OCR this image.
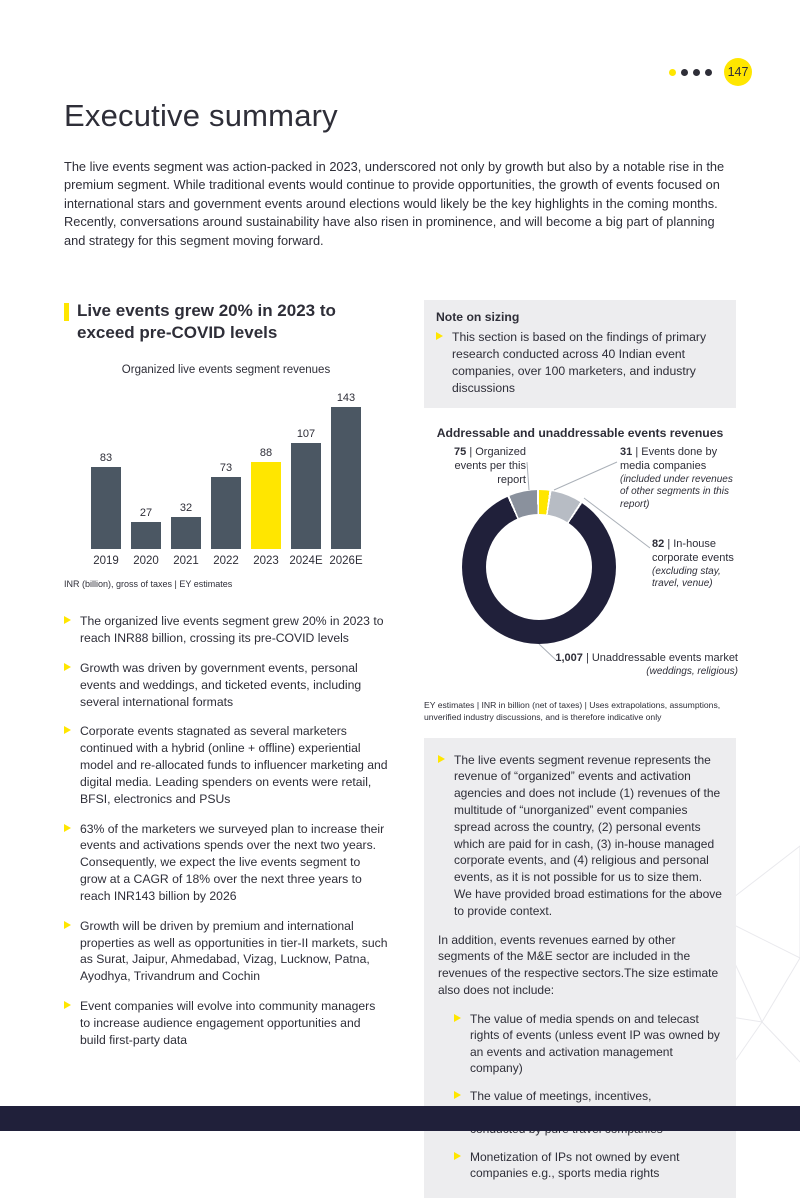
147
Executive summary

The live events segment was action-packed in 2023, underscored not only by growth but also by a notable rise in the premium segment. While traditional events would continue to provide opportunities, the growth of events focused on international stars and government events around elections would likely be the key highlights in the coming months. Recently, conversations around sustainability have also risen in prominence, and will become a big part of planning and strategy for this segment moving forward.

Live events grew 20% in 2023 to exceed pre-COVID levels
Organized live events segment revenues
83
2019
27
2020
32
2021
73
2022
88
2023
107
2024E
143
2026E
INR (billion), gross of taxes | EY estimates

The organized live events segment grew 20% in 2023 to reach INR88 billion, crossing its pre-COVID levels

Growth was driven by government events, personal events and weddings, and ticketed events, including several international formats

Corporate events stagnated as several marketers continued with a hybrid (online + offline) experiential model and re-allocated funds to influencer marketing and digital media. Leading spenders on events were retail, BFSI, electronics and PSUs

63% of the marketers we surveyed plan to increase their events and activations spends over the next two years. Consequently, we expect the live events segment to grow at a CAGR of 18% over the next three years to reach INR143 billion by 2026

Growth will be driven by premium and international properties as well as opportunities in tier-II markets, such as Surat, Jaipur, Ahmedabad, Vizag, Lucknow, Patna, Ayodhya, Trivandrum and Cochin

Event companies will evolve into community managers to increase audience engagement opportunities and build first-party data

Note on sizing

This section is based on the findings of primary research conducted across 40 Indian event companies, over 100 marketers, and industry discussions

Addressable and unaddressable events revenues
75 | Organized events per this report
31 | Events done by media companies
(included under revenues of other segments in this report)
82 | In-house corporate events
(excluding stay, travel, venue)
1,007 | Unaddressable events market
(weddings, religious)
EY estimates | INR in billion (net of taxes) | Uses extrapolations, assumptions, unverified industry discussions, and is therefore indicative only

The live events segment revenue represents the revenue of “organized” events and activation agencies and does not include (1) revenues of the multitude of “unorganized” event companies spread across the country, (2) personal events which are paid for in cash, (3) in-house managed corporate events, and (4) religious and personal events, as it is not possible for us to size them. We have provided broad estimations for the above to provide context.

In addition, events revenues earned by other segments of the M&E sector are included in the revenues of the respective sectors.The size estimate also does not include:

The value of media spends on and telecast rights of events (unless event IP was owned by an events and activation management company)

The value of meetings, incentives,

Monetization of IPs not owned by event companies e.g., sports media rights
